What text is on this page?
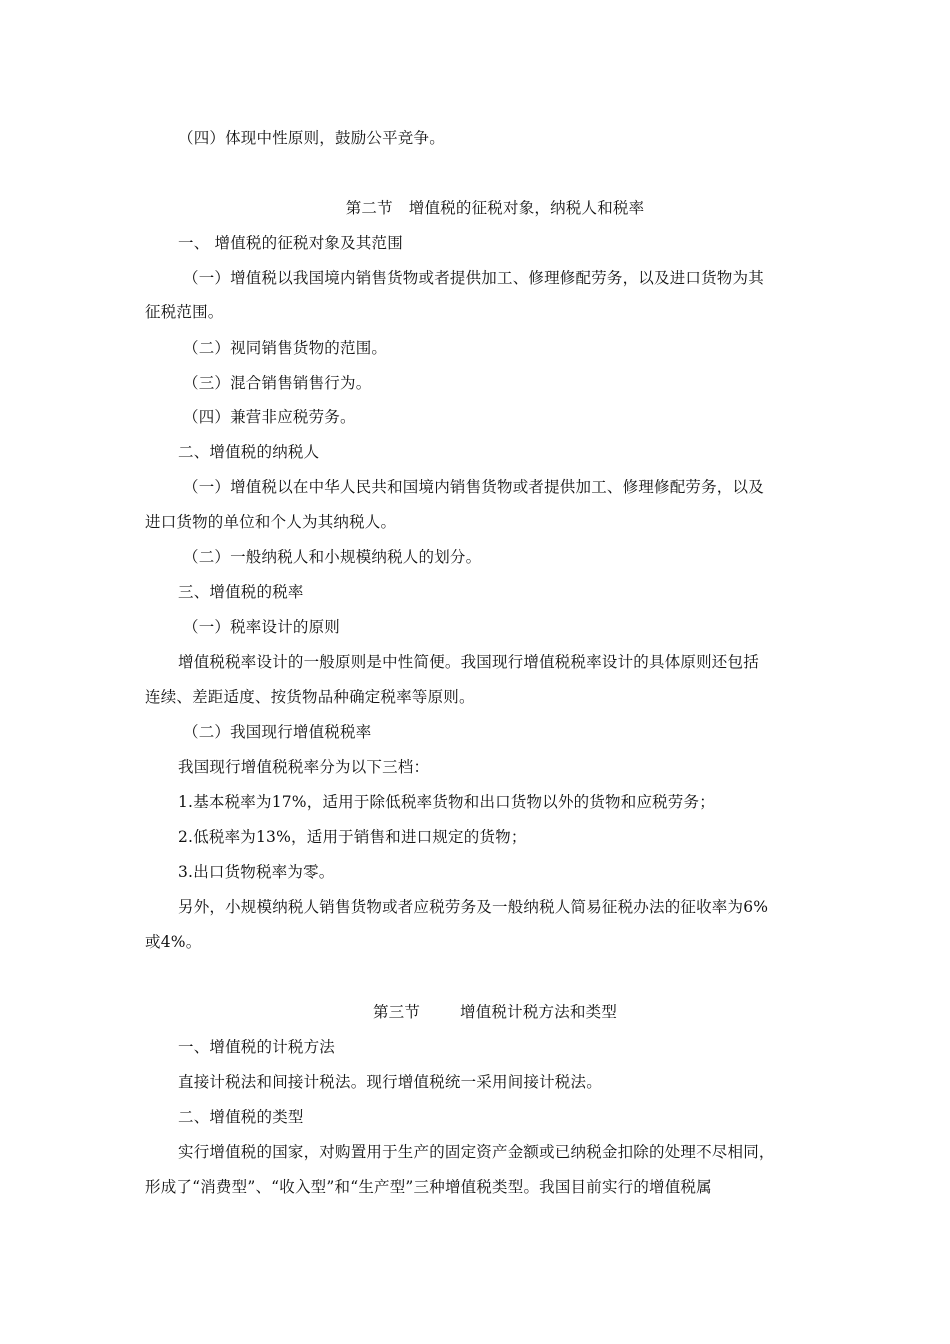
（四）体现中性原则，鼓励公平竞争。
第二节 增值税的征税对象，纳税人和税率
一、 增值税的征税对象及其范围
（一）增值税以我国境内销售货物或者提供加工、修理修配劳务，以及进口货物为其
征税范围。
（二）视同销售货物的范围。
（三）混合销售销售行为。
（四）兼营非应税劳务。
二、增值税的纳税人
（一）增值税以在中华人民共和国境内销售货物或者提供加工、修理修配劳务，以及
进口货物的单位和个人为其纳税人。
（二）一般纳税人和小规模纳税人的划分。
三、增值税的税率
（一）税率设计的原则
增值税税率设计的一般原则是中性简便。我国现行增值税税率设计的具体原则还包括
连续、差距适度、按货物品种确定税率等原则。
（二）我国现行增值税税率
我国现行增值税税率分为以下三档：
1.基本税率为17%，适用于除低税率货物和出口货物以外的货物和应税劳务；
2.低税率为13%，适用于销售和进口规定的货物；
3.出口货物税率为零。
另外，小规模纳税人销售货物或者应税劳务及一般纳税人简易征税办法的征收率为6%
或4%。
第三节	增值税计税方法和类型
一、增值税的计税方法
直接计税法和间接计税法。现行增值税统一采用间接计税法。
二、增值税的类型
实行增值税的国家，对购置用于生产的固定资产金额或已纳税金扣除的处理不尽相同，
形成了“消费型”、“收入型”和“生产型”三种增值税类型。我国目前实行的增值税属
